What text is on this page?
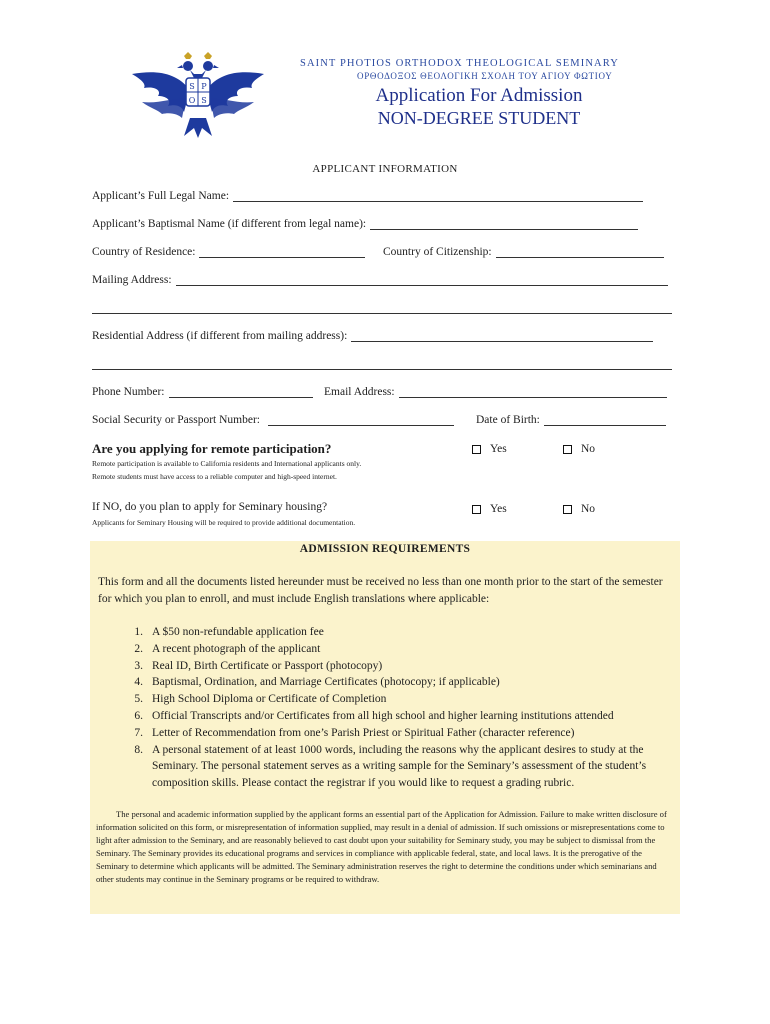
S P
O S
SAINT PHOTIOS ORTHODOX THEOLOGICAL SEMINARY
ΟΡΘΟΔΟΞΟΣ ΘΕΟΛΟΓΙΚΗ ΣΧΟΛΗ ΤΟΥ ΑΓΙΟΥ ΦΩΤΙΟΥ
Application For Admission
NON-DEGREE STUDENT
APPLICANT INFORMATION
Applicant’s Full Legal Name:
Applicant’s Baptismal Name (if different from legal name):
Country of Residence:	Country of Citizenship:
Mailing Address:
Residential Address (if different from mailing address):
Phone Number:	Email Address:
Social Security or Passport Number:	Date of Birth:
Are you applying for remote participation?
Remote participation is available to California residents and International applicants only.
Remote students must have access to a reliable computer and high-speed internet.
Yes	No
If NO, do you plan to apply for Seminary housing?
Applicants for Seminary Housing will be required to provide additional documentation.
Yes	No
ADMISSION REQUIREMENTS
This form and all the documents listed hereunder must be received no less than one month prior to the start of the semester for which you plan to enroll, and must include English translations where applicable:
1. A $50 non-refundable application fee
2. A recent photograph of the applicant
3. Real ID, Birth Certificate or Passport (photocopy)
4. Baptismal, Ordination, and Marriage Certificates (photocopy; if applicable)
5. High School Diploma or Certificate of Completion
6. Official Transcripts and/or Certificates from all high school and higher learning institutions attended
7. Letter of Recommendation from one’s Parish Priest or Spiritual Father (character reference)
8. A personal statement of at least 1000 words, including the reasons why the applicant desires to study at the Seminary. The personal statement serves as a writing sample for the Seminary’s assessment of the student’s composition skills. Please contact the registrar if you would like to request a grading rubric.
The personal and academic information supplied by the applicant forms an essential part of the Application for Admission. Failure to make written disclosure of information solicited on this form, or misrepresentation of information supplied, may result in a denial of admission. If such omissions or misrepresentations come to light after admission to the Seminary, and are reasonably believed to cast doubt upon your suitability for Seminary study, you may be subject to dismissal from the Seminary. The Seminary provides its educational programs and services in compliance with applicable federal, state, and local laws. It is the prerogative of the Seminary to determine which applicants will be admitted. The Seminary administration reserves the right to determine the conditions under which seminarians and other students may continue in the Seminary programs or be required to withdraw.
